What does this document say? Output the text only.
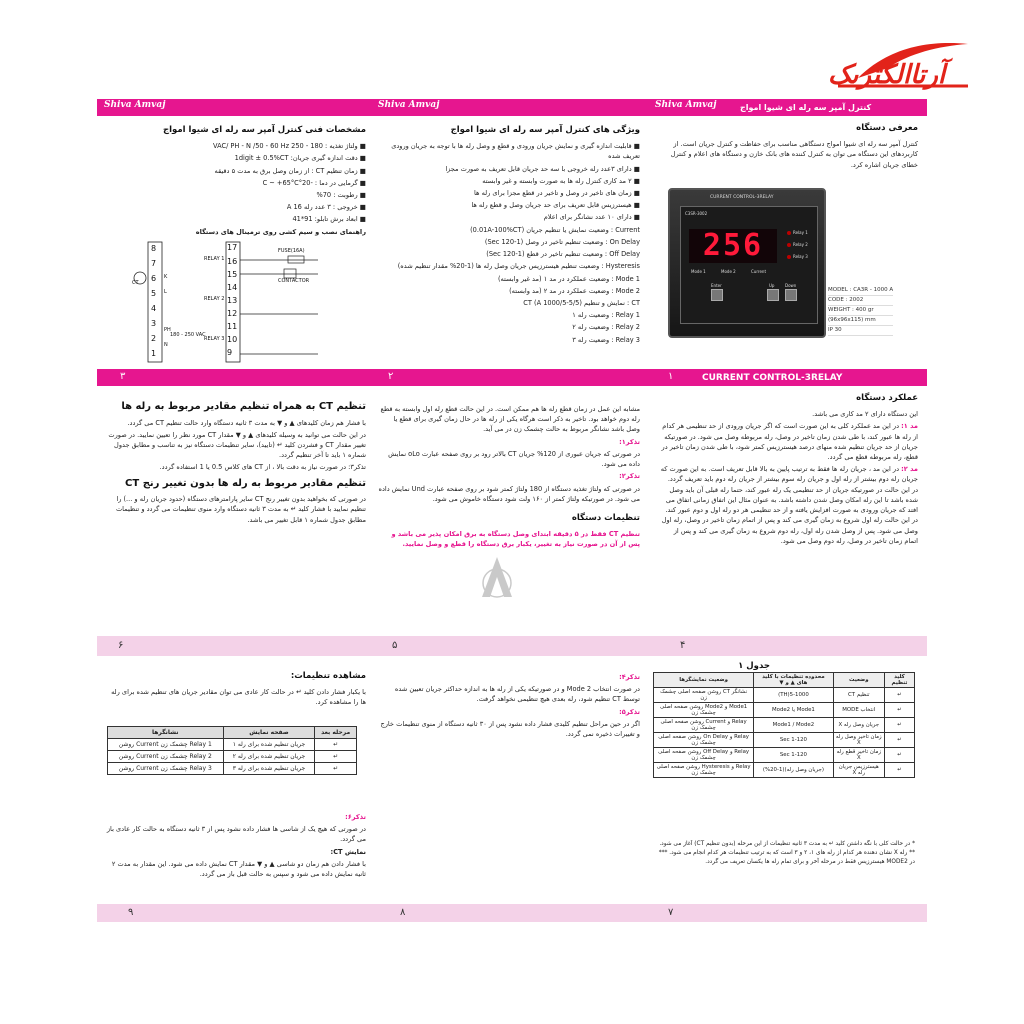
آرتاالکتریک
Shiva Amvaj	Shiva Amvaj	Shiva Amvaj	کنترل آمپر سه رله ای شیوا امواج
CURRENT CONTROL-3RELAY
۱
۲
۳
۴
۵
۶
۷
۸
۹
معرفی دستگاه
کنترل آمپر سه رله ای شیوا امواج دستگاهی مناسب برای حفاظت و کنترل جریان است. از کاربردهای این دستگاه می توان به کنترل کننده های بانک خازن و دستگاه های اعلام و کنترل خطای جریان اشاره کرد.
CURRENT CONTROL-3RELAY
C3SR-3002
256	Relay 1
Relay 2
Relay 3
Mode 1	Mode 2	Current
Enter	Up	Down
MODEL : CA3R - 1000 A
CODE : 2002
WEIGHT : 400 gr
(96x96x115) mm
IP 30
ویژگی های کنترل آمپر سه رله ای شیوا امواج
■ قابلیت اندازه گیری و نمایش جریان ورودی و قطع و وصل رله ها با توجه به جریان ورودی تعریف شده
■ دارای ۳عدد رله خروجی با سه حد جریان قابل تعریف به صورت مجزا
■ ۲ مد کاری کنترل رله ها به صورت وابسته و غیر وابسته
■ زمان های تاخیر در وصل و تاخیر در قطع مجزا برای رله ها
■ هیسترزیس قابل تعریف برای حد جریان وصل و قطع رله ها
■ دارای ۱۰ عدد نشانگر برای اعلام
Current : وضعیت نمایش یا تنظیم جریان (0.01A-100%CT)
On Delay : وضعیت تنظیم تاخیر در وصل (1-120 Sec)
Off Delay : وضعیت تنظیم تاخیر در قطع (1-120 Sec)
Hysteresis : وضعیت تنظیم هیسترزیس جریان وصل رله ها (1-20% مقدار تنظیم شده)
Mode 1 : وضعیت عملکرد در مد ۱ (مد غیر وابسته)
Mode 2 : وضعیت عملکرد در مد ۲ (مد وابسته)
CT : نمایش و تنظیم CT (A 1000/5-5/5)
Relay 1 : وضعیت رله ۱
Relay 2 : وضعیت رله ۲
Relay 3 : وضعیت رله ۳
مشخصات فنی کنترل آمپر سه رله ای شیوا امواج
■ ولتاژ تغذیه : 180 - 250 VAC/ PH - N /50 - 60 Hz
■ دقت اندازه گیری جریان: 1digit ± 0.5%CT
■ زمان تنظیم CT : از زمان وصل برق به مدت ۵ دقیقه
■ گرمایی در دما : -20°C ~ +65°C
■ رطوبت : 70%
■ خروجی : ۳ عدد رله 16 A
■ ابعاد برش تابلو: 91*41
راهنمای نصب و سیم کشی روی ترمینال های دستگاه
8
7
6
5
4
3
2
1
17
16
15
14
13
12
11
10
9
K
L
PH
N
RELAY 1
RELAY 2
RELAY 3
CT
FUSE(16A)
CONTACTOR
180 - 250 VAC
عملکرد دستگاه
این دستگاه دارای ۲ مد کاری می باشد.
مد ۱: در این مد عملکرد کلی به این صورت است که اگر جریان ورودی از حد تنظیمی هر کدام از رله ها عبور کند، با طی شدن زمان تاخیر در وصل، رله مربوطه وصل می شود. در صورتیکه جریان از حد جریان تنظیم شده منهای درصد هیسترزیس کمتر شود، با طی شدن زمان تاخیر در قطع، رله مربوطه قطع می گردد.
مد ۲: در این مد ، جریان رله ها فقط به ترتیب پایین به بالا قابل تعریف است. به این صورت که جریان رله دوم بیشتر از رله اول و جریان رله سوم بیشتر از جریان رله دوم باید تعریف گردد. در این حالت در صورتیکه جریان از حد تنظیمی یک رله عبور کند، حتما رله قبلی آن باید وصل شده باشد تا این رله امکان وصل شدن داشته باشد. به عنوان مثال این اتفاق زمانی اتفاق می افتد که جریان ورودی به صورت افزایش یافته و از حد تنظیمی هر دو رله اول و دوم عبور کند. در این حالت رله اول شروع به زمان گیری می کند و پس از اتمام زمان تاخیر در وصل، رله اول وصل می شود. پس از وصل شدن رله اول، رله دوم شروع به زمان گیری می کند و پس از اتمام زمان تاخیر در وصل، رله دوم وصل می شود.
مشابه این عمل در زمان قطع رله ها هم ممکن است. در این حالت قطع رله اول وابسته به قطع رله دوم خواهد بود. تاخیر به ذکر است هرگاه یکی از رله ها در حال زمان گیری برای قطع یا وصل باشد نشانگر مربوط به حالت چشمک زن در می آید.
تذکر۱:
در صورتی که جریان عبوری از 120% جریان CT بالاتر رود بر روی صفحه عبارت oLo نمایش داده می شود.
تذکر۲:
در صورتی که ولتاژ تغذیه دستگاه از 180 ولتاژ کمتر شود بر روی صفحه عبارت Und نمایش داده می شود. در صورتیکه ولتاژ کمتر از ۱۶۰ ولت شود دستگاه خاموش می شود.
تنظیمات دستگاه
تنظیم CT فقط در ۵ دقیقه ابتدای وصل دستگاه به برق امکان پذیر می باشد و پس از آن در صورت نیاز به تغییر، یکبار برق دستگاه را قطع و وصل نمایید.
تنظیم CT به همراه تنظیم مقادیر مربوط به رله ها
با فشار هم زمان کلیدهای ▲ و ▼ به مدت ۳ ثانیه دستگاه وارد حالت تنظیم CT می گردد.
در این حالت می توانید به وسیله کلیدهای ▲ و ▼ مقدار CT مورد نظر را تعیین نمایید. در صورت تغییر مقدار CT و فشردن کلید ↵ (تایید)، سایر تنظیمات دستگاه نیز به تناسب و مطابق جدول شماره ۱ باید تا آخر تنظیم گردد.
تذکر۳: در صورت نیاز به دقت بالا ، از CT های کلاس 0.5 یا 1 استفاده گردد.
تنظیم مقادیر مربوط به رله ها بدون تغییر رنج CT
در صورتی که بخواهید بدون تغییر رنج CT سایر پارامترهای دستگاه (حدود جریان رله و ...) را تنظیم نمایید با فشار کلید ↵ به مدت ۳ ثانیه دستگاه وارد منوی تنظیمات می گردد و تنظیمات مطابق جدول شماره ۱ قابل تغییر می باشد.
جدول ۱
کلید تنظیم	وضعیت	محدوده تنظیمات با کلید های ▲ و ▼	وضعیت نمایشگرها
↵	تنظیم CT	5-1000(TH)	نشانگر CT روشن صفحه اصلی چشمک زن
↵	انتخاب MODE	Mode1 یا Mode2	Mode1 و Mode2 روشن صفحه اصلی چشمک زن
↵	جریان وصل رله X	Mode1 / Mode2	Relay و Current روشن صفحه اصلی چشمک زن
↵	زمان تاخیر وصل رله X	1-120 Sec	Relay و On Delay روشن صفحه اصلی چشمک زن
↵	زمان تاخیر قطع رله X	1-120 Sec	Relay و Off Delay روشن صفحه اصلی چشمک زن
↵	هیسترزیس جریان رله X	(جریان وصل رله)(1-20%)	Relay و Hysteresis روشن صفحه اصلی چشمک زن
* در حالت کلی با نگه داشتن کلید ↵ به مدت ۳ ثانیه تنظیمات از این مرحله (بدون تنظیم CT) آغاز می شود. ** رله X نشان دهنده هر کدام از رله های ۱، ۲ و ۳ است که به ترتیب تنظیمات هر کدام انجام می شود. *** در MODE2 هیسترزیس فقط در مرحله آخر و برای تمام رله ها یکسان تعریف می گردد.
تذکر۴:
در صورت انتخاب Mode 2 و در صورتیکه یکی از رله ها به اندازه حداکثر جریان تعیین شده توسط CT تنظیم شود، رله بعدی هیچ تنظیمی نخواهد گرفت.
تذکر۵:
اگر در حین مراحل تنظیم کلیدی فشار داده نشود پس از ۳۰ ثانیه دستگاه از منوی تنظیمات خارج و تغییرات ذخیره نمی گردد.
مشاهده تنظیمات:
با یکبار فشار دادن کلید ↵ در حالت کار عادی می توان مقادیر جریان های تنظیم شده برای رله ها را مشاهده کرد.
مرحله بعد	صفحه نمایش	نشانگرها
↵	جریان تنظیم شده برای رله ۱	Relay 1 چشمک زن Current روشن
↵	جریان تنظیم شده برای رله ۲	Relay 2 چشمک زن Current روشن
↵	جریان تنظیم شده برای رله ۳	Relay 3 چشمک زن Current روشن
تذکر۶:
در صورتی که هیچ یک از شاسی ها فشار داده نشود پس از ۳ ثانیه دستگاه به حالت کار عادی باز می گردد.
نمایش CT:
با فشار دادن هم زمان دو شاسی ▲ و ▼ مقدار CT نمایش داده می شود. این مقدار به مدت ۲ ثانیه نمایش داده می شود و سپس به حالت قبل باز می گردد.
